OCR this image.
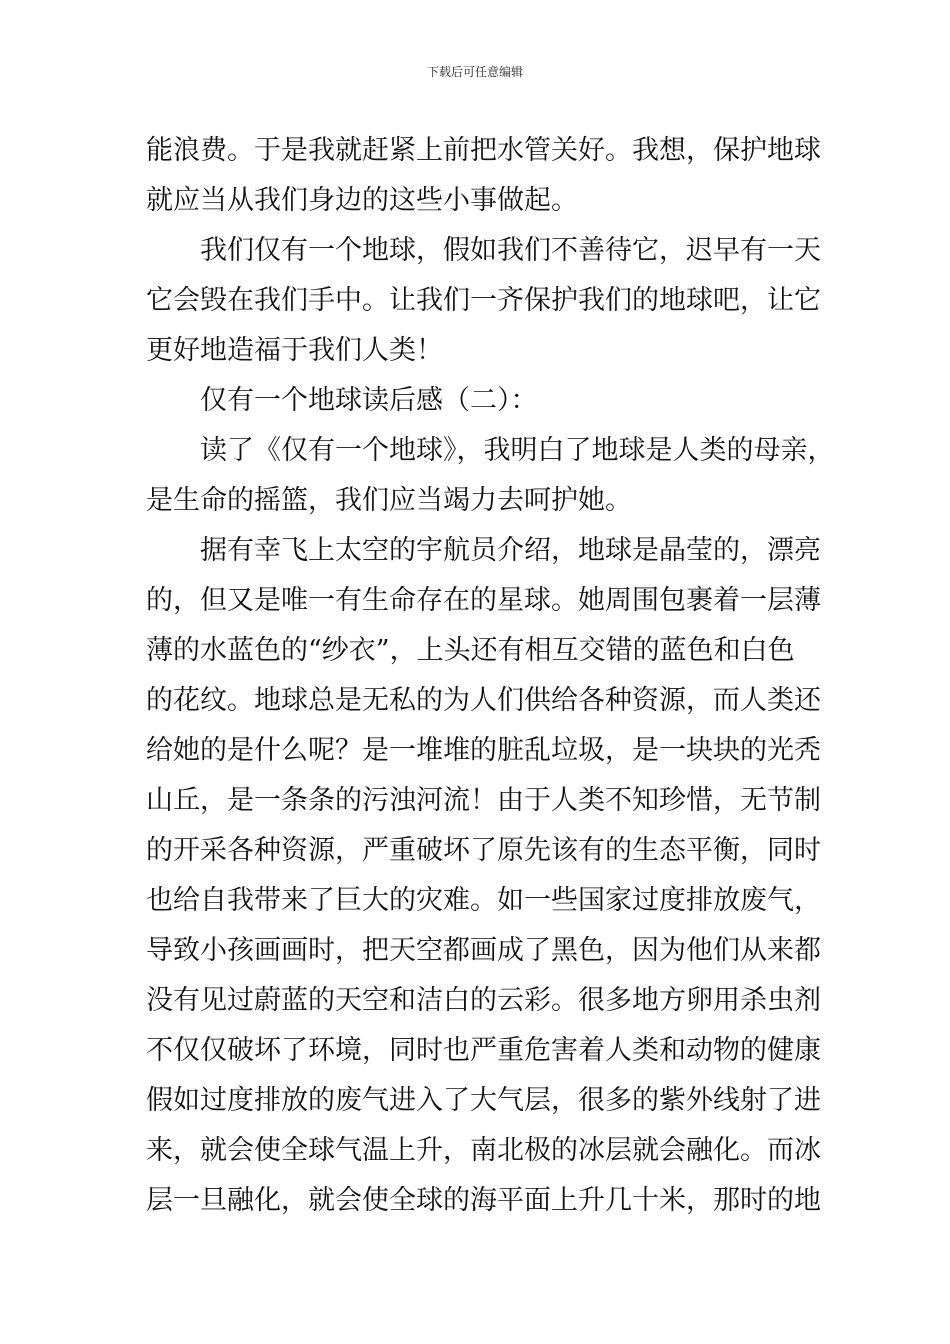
下载后可任意编辑
能浪费。于是我就赶紧上前把水管关好。我想，保护地球
就应当从我们身边的这些小事做起。
我们仅有一个地球，假如我们不善待它，迟早有一天
它会毁在我们手中。让我们一齐保护我们的地球吧，让它
更好地造福于我们人类！
仅有一个地球读后感（二）：
读了《仅有一个地球》，我明白了地球是人类的母亲，
是生命的摇篮，我们应当竭力去呵护她。
据有幸飞上太空的宇航员介绍，地球是晶莹的，漂亮
的，但又是唯一有生命存在的星球。她周围包裹着一层薄
薄的水蓝色的“纱衣”，上头还有相互交错的蓝色和白色
的花纹。地球总是无私的为人们供给各种资源，而人类还
给她的是什么呢？是一堆堆的脏乱垃圾，是一块块的光秃
山丘，是一条条的污浊河流！由于人类不知珍惜，无节制
的开采各种资源，严重破坏了原先该有的生态平衡，同时
也给自我带来了巨大的灾难。如一些国家过度排放废气，
导致小孩画画时，把天空都画成了黑色，因为他们从来都
没有见过蔚蓝的天空和洁白的云彩。很多地方卵用杀虫剂
不仅仅破坏了环境，同时也严重危害着人类和动物的健康
假如过度排放的废气进入了大气层，很多的紫外线射了进
来，就会使全球气温上升，南北极的冰层就会融化。而冰
层一旦融化，就会使全球的海平面上升几十米，那时的地
